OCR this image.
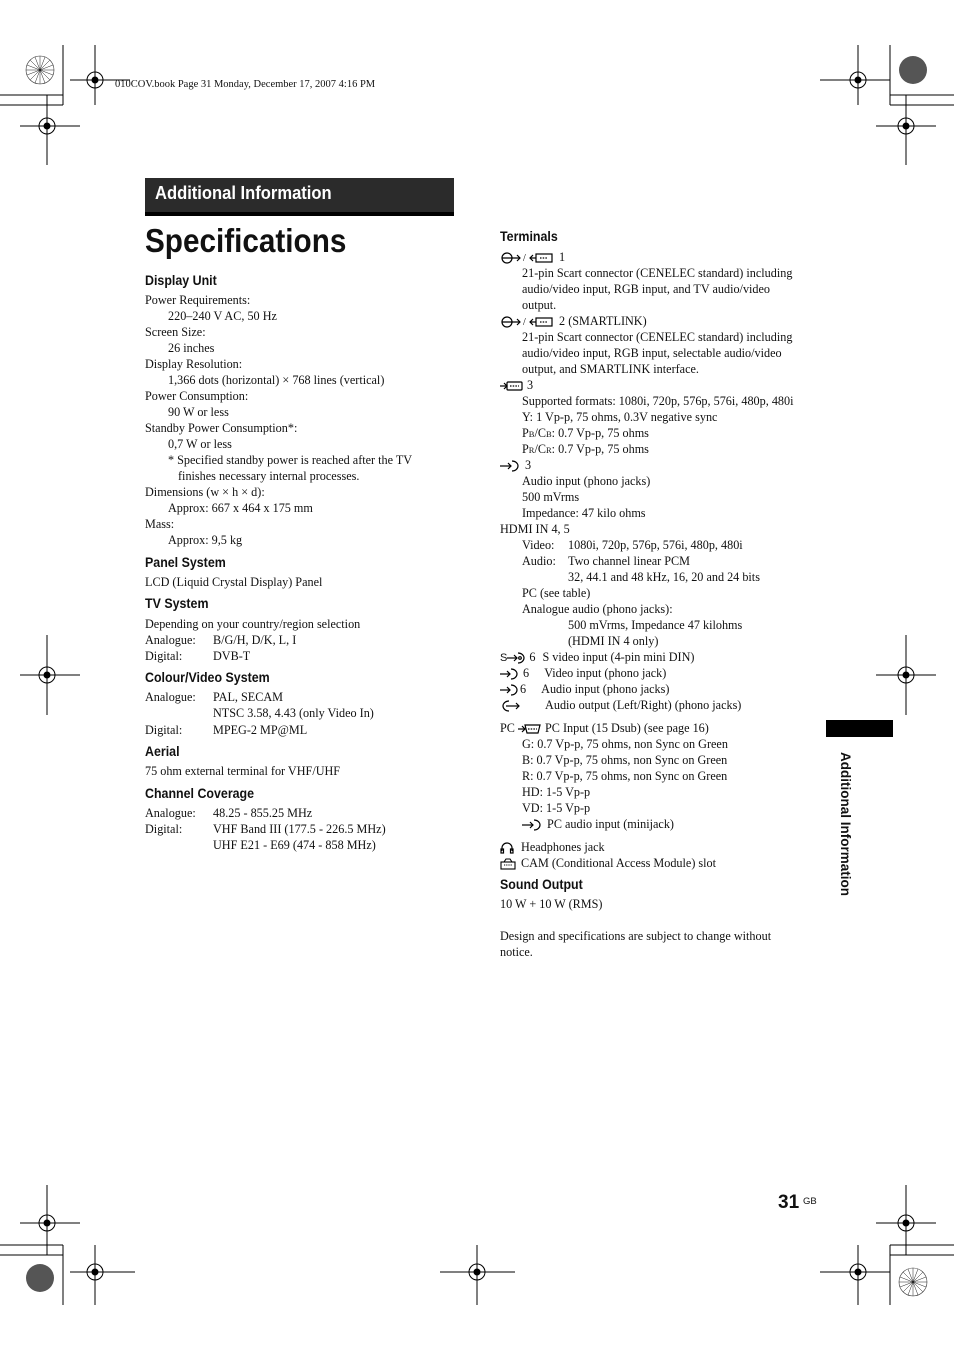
010COV.book Page 31 Monday, December 17, 2007 4:16 PM
Additional Information
Specifications
Display Unit
Power Requirements:
220–240 V AC, 50 Hz
Screen Size:
26 inches
Display Resolution:
1,366 dots (horizontal) × 768 lines (vertical)
Power Consumption:
90 W or less
Standby Power Consumption*:
0,7 W or less
* Specified standby power is reached after the TV
finishes necessary internal processes.
Dimensions (w × h × d):
Approx: 667 x 464 x 175 mm
Mass:
Approx: 9,5 kg
Panel System
LCD (Liquid Crystal Display) Panel
TV System
Depending on your country/region selection
Analogue: B/G/H, D/K, L, I
Digital:	DVB-T
Colour/Video System
Analogue: PAL, SECAM
NTSC 3.58, 4.43 (only Video In)
Digital:	MPEG-2 MP@ML
Aerial
75 ohm external terminal for VHF/UHF
Channel Coverage
Analogue: 48.25 - 855.25 MHz
Digital:	VHF Band III (177.5 - 226.5 MHz)
UHF E21 - E69 (474 - 858 MHz)
Terminals
/	1
21-pin Scart connector (CENELEC standard) including
audio/video input, RGB input, and TV audio/video
output.
/	2 (SMARTLINK)
21-pin Scart connector (CENELEC standard) including
audio/video input, RGB input, selectable audio/video
output, and SMARTLINK interface.
3
Supported formats: 1080i, 720p, 576p, 576i, 480p, 480i
Y: 1 Vp-p, 75 ohms, 0.3V negative sync
PB/CB: 0.7 Vp-p, 75 ohms
PR/CR: 0.7 Vp-p, 75 ohms
3
Audio input (phono jacks)
500 mVrms
Impedance: 47 kilo ohms
HDMI IN 4, 5
Video: 1080i, 720p, 576p, 576i, 480p, 480i
Audio: Two channel linear PCM
32, 44.1 and 48 kHz, 16, 20 and 24 bits
PC (see table)
Analogue audio (phono jacks):
500 mVrms, Impedance 47 kilohms
(HDMI IN 4 only)
S 6 S video input (4-pin mini DIN)
6 Video input (phono jack)
6 Audio input (phono jacks)
Audio output (Left/Right) (phono jacks)
PC PC Input (15 Dsub) (see page 16)
G: 0.7 Vp-p, 75 ohms, non Sync on Green
B: 0.7 Vp-p, 75 ohms, non Sync on Green
R: 0.7 Vp-p, 75 ohms, non Sync on Green
HD: 1-5 Vp-p
VD: 1-5 Vp-p
PC audio input (minijack)
Headphones jack
CAM (Conditional Access Module) slot
Sound Output
10 W + 10 W (RMS)
Design and specifications are subject to change without
notice.
Additional Information
31 GB
